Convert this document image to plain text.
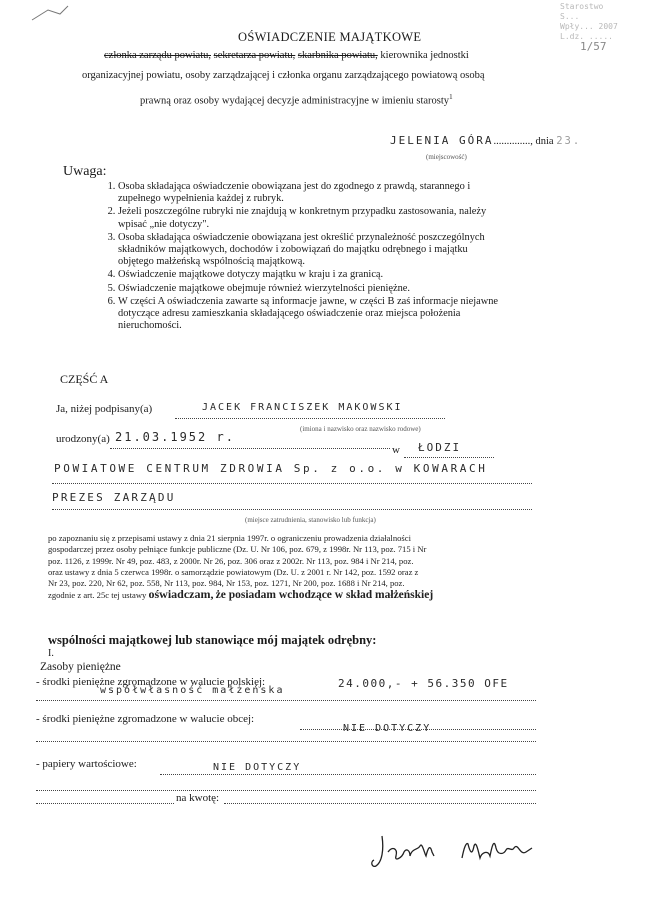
Starostwo
S...
Wpły... 2007
L.dz. .....
1/57
OŚWIADCZENIE MAJĄTKOWE
członka zarządu powiatu, sekretarza powiatu, skarbnika powiatu, kierownika jednostki
organizacyjnej powiatu, osoby zarządzającej i członka organu zarządzającego powiatową osobą
prawną oraz osoby wydającej decyzje administracyjne w imieniu starosty$^1$
JELENIA GÓRA.............., dnia 23.
(miejscowość)
Uwaga:
1. Osoba składająca oświadczenie obowiązana jest do zgodnego z prawdą, starannego i
zupełnego wypełnienia każdej z rubryk.
2. Jeżeli poszczególne rubryki nie znajdują w konkretnym przypadku zastosowania, należy
wpisać „nie dotyczy".
3. Osoba składająca oświadczenie obowiązana jest określić przynależność poszczególnych
składników majątkowych, dochodów i zobowiązań do majątku odrębnego i majątku
objętego małżeńską wspólnością majątkową.
4. Oświadczenie majątkowe dotyczy majątku w kraju i za granicą.
5. Oświadczenie majątkowe obejmuje również wierzytelności pieniężne.
6. W części A oświadczenia zawarte są informacje jawne, w części B zaś informacje niejawne
dotyczące adresu zamieszkania składającego oświadczenie oraz miejsca położenia
nieruchomości.
CZĘŚĆ A
Ja, niżej podpisany(a)	JACEK FRANCISZEK MAKOWSKI
(imiona i nazwisko oraz nazwisko rodowe)
urodzony(a) 21.03.1952 r.
w ŁODZI
POWIATOWE CENTRUM ZDROWIA Sp. z o.o. w KOWARACH
PREZES ZARZĄDU
(miejsce zatrudnienia, stanowisko lub funkcja)
po zapoznaniu się z przepisami ustawy z dnia 21 sierpnia 1997r. o ograniczeniu prowadzenia działalności
gospodarczej przez osoby pełniące funkcje publiczne (Dz. U. Nr 106, poz. 679, z 1998r. Nr 113, poz. 715 i Nr
poz. 1126, z 1999r. Nr 49, poz. 483, z 2000r. Nr 26, poz. 306 oraz z 2002r. Nr 113, poz. 984 i Nr 214, poz.
oraz ustawy z dnia 5 czerwca 1998r. o samorządzie powiatowym (Dz. U. z 2001 r. Nr 142, poz. 1592 oraz z
Nr 23, poz. 220, Nr 62, poz. 558, Nr 113, poz. 984, Nr 153, poz. 1271, Nr 200, poz. 1688 i Nr 214, poz.
zgodnie z art. 25c tej ustawy oświadczam, że posiadam wchodzące w skład małżeńskiej
wspólności majątkowej lub stanowiące mój majątek odrębny:
I.
Zasoby pieniężne
- środki pieniężne zgromadzone w walucie polskiej:	24.000,- + 56.350 OFE
współwłasność małżeńska
- środki pieniężne zgromadzone w walucie obcej:
NIE DOTYCZY
- papiery wartościowe:	NIE DOTYCZY
na kwotę:
